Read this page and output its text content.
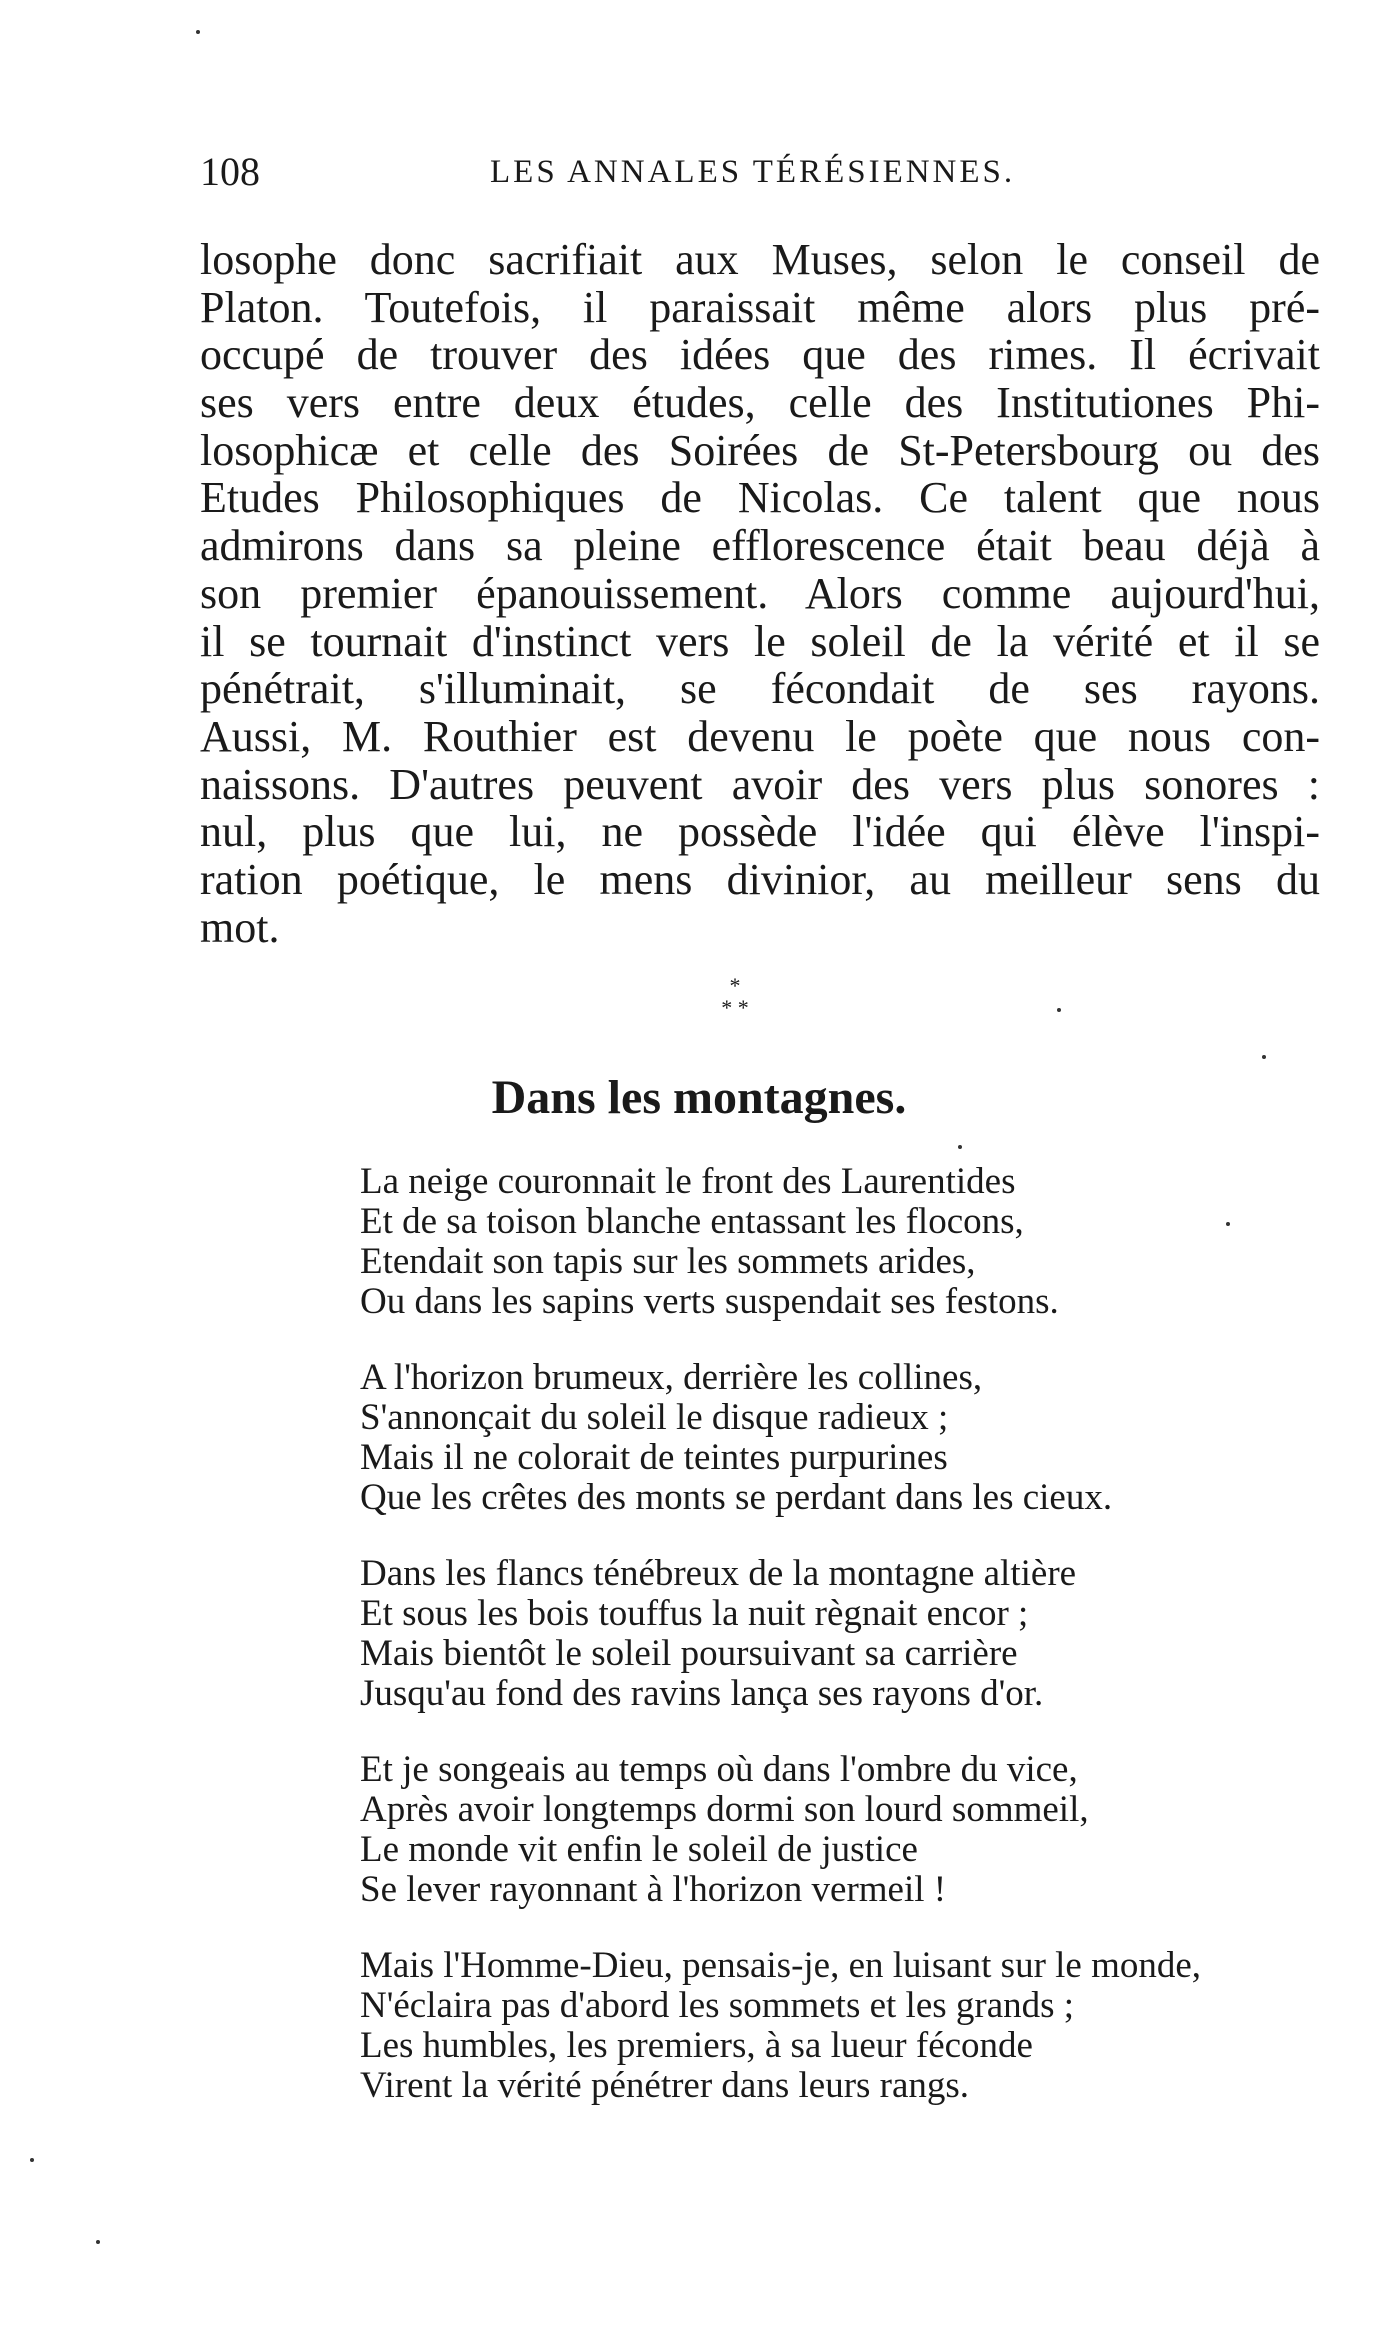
108	LES ANNALES TÉRÉSIENNES.
losophe donc sacrifiait aux Muses, selon le conseil de
Platon. Toutefois, il paraissait même alors plus pré-
occupé de trouver des idées que des rimes. Il écrivait
ses vers entre deux études, celle des Institutiones Phi-
losophicæ et celle des Soirées de St-Petersbourg ou des
Etudes Philosophiques de Nicolas. Ce talent que nous
admirons dans sa pleine efflorescence était beau déjà à
son premier épanouissement. Alors comme aujourd'hui,
il se tournait d'instinct vers le soleil de la vérité et il se
pénétrait, s'illuminait, se fécondait de ses rayons.
Aussi, M. Routhier est devenu le poète que nous con-
naissons. D'autres peuvent avoir des vers plus sonores :
nul, plus que lui, ne possède l'idée qui élève l'inspi-
ration poétique, le mens divinior, au meilleur sens du
mot.
*
* *
Dans les montagnes.
La neige couronnait le front des Laurentides
Et de sa toison blanche entassant les flocons,
Etendait son tapis sur les sommets arides,
Ou dans les sapins verts suspendait ses festons.
A l'horizon brumeux, derrière les collines,
S'annonçait du soleil le disque radieux ;
Mais il ne colorait de teintes purpurines
Que les crêtes des monts se perdant dans les cieux.
Dans les flancs ténébreux de la montagne altière
Et sous les bois touffus la nuit règnait encor ;
Mais bientôt le soleil poursuivant sa carrière
Jusqu'au fond des ravins lança ses rayons d'or.
Et je songeais au temps où dans l'ombre du vice,
Après avoir longtemps dormi son lourd sommeil,
Le monde vit enfin le soleil de justice
Se lever rayonnant à l'horizon vermeil !
Mais l'Homme-Dieu, pensais-je, en luisant sur le monde,
N'éclaira pas d'abord les sommets et les grands ;
Les humbles, les premiers, à sa lueur féconde
Virent la vérité pénétrer dans leurs rangs.
